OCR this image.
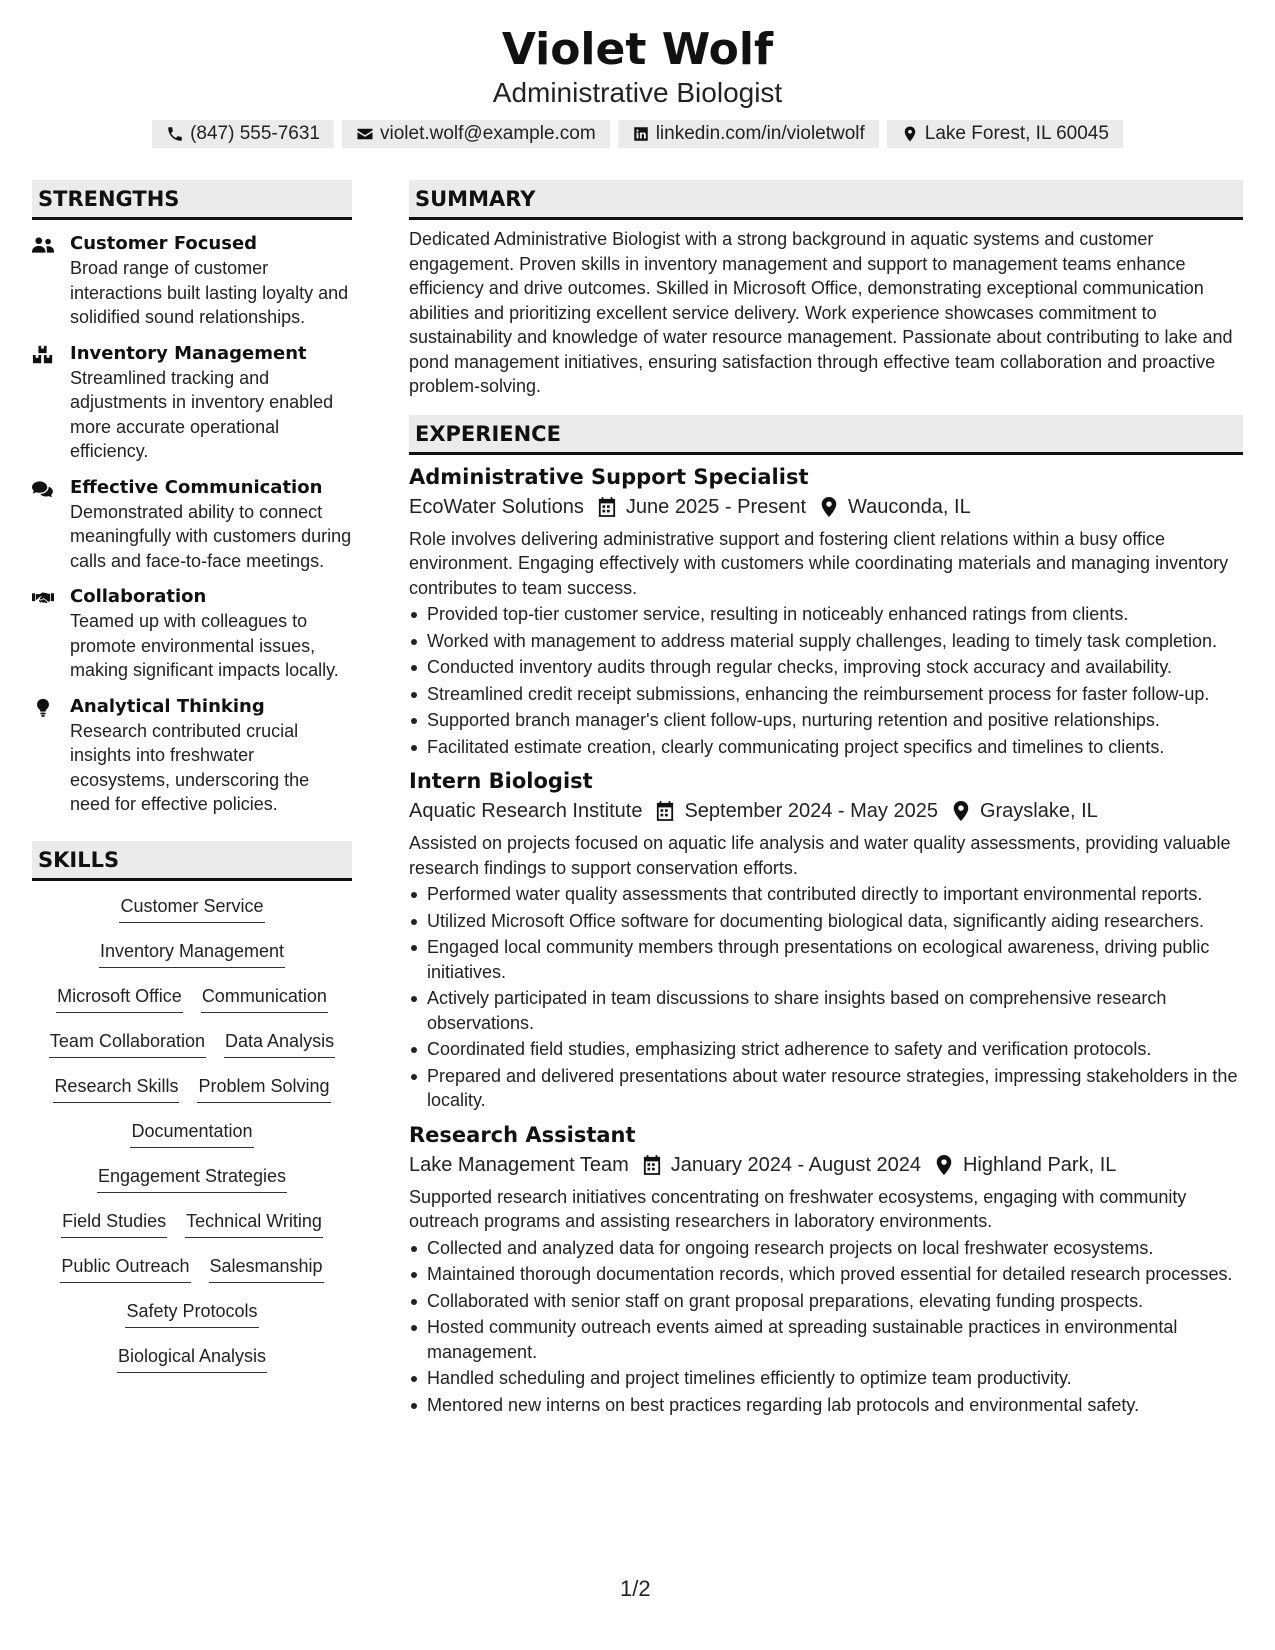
Violet Wolf
Administrative Biologist
(847) 555-7631	violet.wolf@example.com	linkedin.com/in/violetwolf	Lake Forest, IL 60045
STRENGTHS
Customer Focused
Broad range of customer interactions built lasting loyalty and solidified sound relationships.
Inventory Management
Streamlined tracking and adjustments in inventory enabled more accurate operational efficiency.
Effective Communication
Demonstrated ability to connect meaningfully with customers during calls and face-to-face meetings.
Collaboration
Teamed up with colleagues to promote environmental issues, making significant impacts locally.
Analytical Thinking
Research contributed crucial insights into freshwater ecosystems, underscoring the need for effective policies.
SKILLS
Customer Service
Inventory Management
Microsoft Office Communication
Team Collaboration Data Analysis
Research Skills Problem Solving
Documentation
Engagement Strategies
Field Studies Technical Writing
Public Outreach Salesmanship
Safety Protocols
Biological Analysis
SUMMARY
Dedicated Administrative Biologist with a strong background in aquatic systems and customer engagement. Proven skills in inventory management and support to management teams enhance efficiency and drive outcomes. Skilled in Microsoft Office, demonstrating exceptional communication abilities and prioritizing excellent service delivery. Work experience showcases commitment to sustainability and knowledge of water resource management. Passionate about contributing to lake and pond management initiatives, ensuring satisfaction through effective team collaboration and proactive problem-solving.
EXPERIENCE
Administrative Support Specialist
EcoWater Solutions June 2025 - Present Wauconda, IL
Role involves delivering administrative support and fostering client relations within a busy office environment. Engaging effectively with customers while coordinating materials and managing inventory contributes to team success.
Provided top-tier customer service, resulting in noticeably enhanced ratings from clients.
Worked with management to address material supply challenges, leading to timely task completion.
Conducted inventory audits through regular checks, improving stock accuracy and availability.
Streamlined credit receipt submissions, enhancing the reimbursement process for faster follow-up.
Supported branch manager's client follow-ups, nurturing retention and positive relationships.
Facilitated estimate creation, clearly communicating project specifics and timelines to clients.
Intern Biologist
Aquatic Research Institute September 2024 - May 2025 Grayslake, IL
Assisted on projects focused on aquatic life analysis and water quality assessments, providing valuable research findings to support conservation efforts.
Performed water quality assessments that contributed directly to important environmental reports.
Utilized Microsoft Office software for documenting biological data, significantly aiding researchers.
Engaged local community members through presentations on ecological awareness, driving public initiatives.
Actively participated in team discussions to share insights based on comprehensive research observations.
Coordinated field studies, emphasizing strict adherence to safety and verification protocols.
Prepared and delivered presentations about water resource strategies, impressing stakeholders in the locality.
Research Assistant
Lake Management Team January 2024 - August 2024 Highland Park, IL
Supported research initiatives concentrating on freshwater ecosystems, engaging with community outreach programs and assisting researchers in laboratory environments.
Collected and analyzed data for ongoing research projects on local freshwater ecosystems.
Maintained thorough documentation records, which proved essential for detailed research processes.
Collaborated with senior staff on grant proposal preparations, elevating funding prospects.
Hosted community outreach events aimed at spreading sustainable practices in environmental management.
Handled scheduling and project timelines efficiently to optimize team productivity.
Mentored new interns on best practices regarding lab protocols and environmental safety.
1/2
